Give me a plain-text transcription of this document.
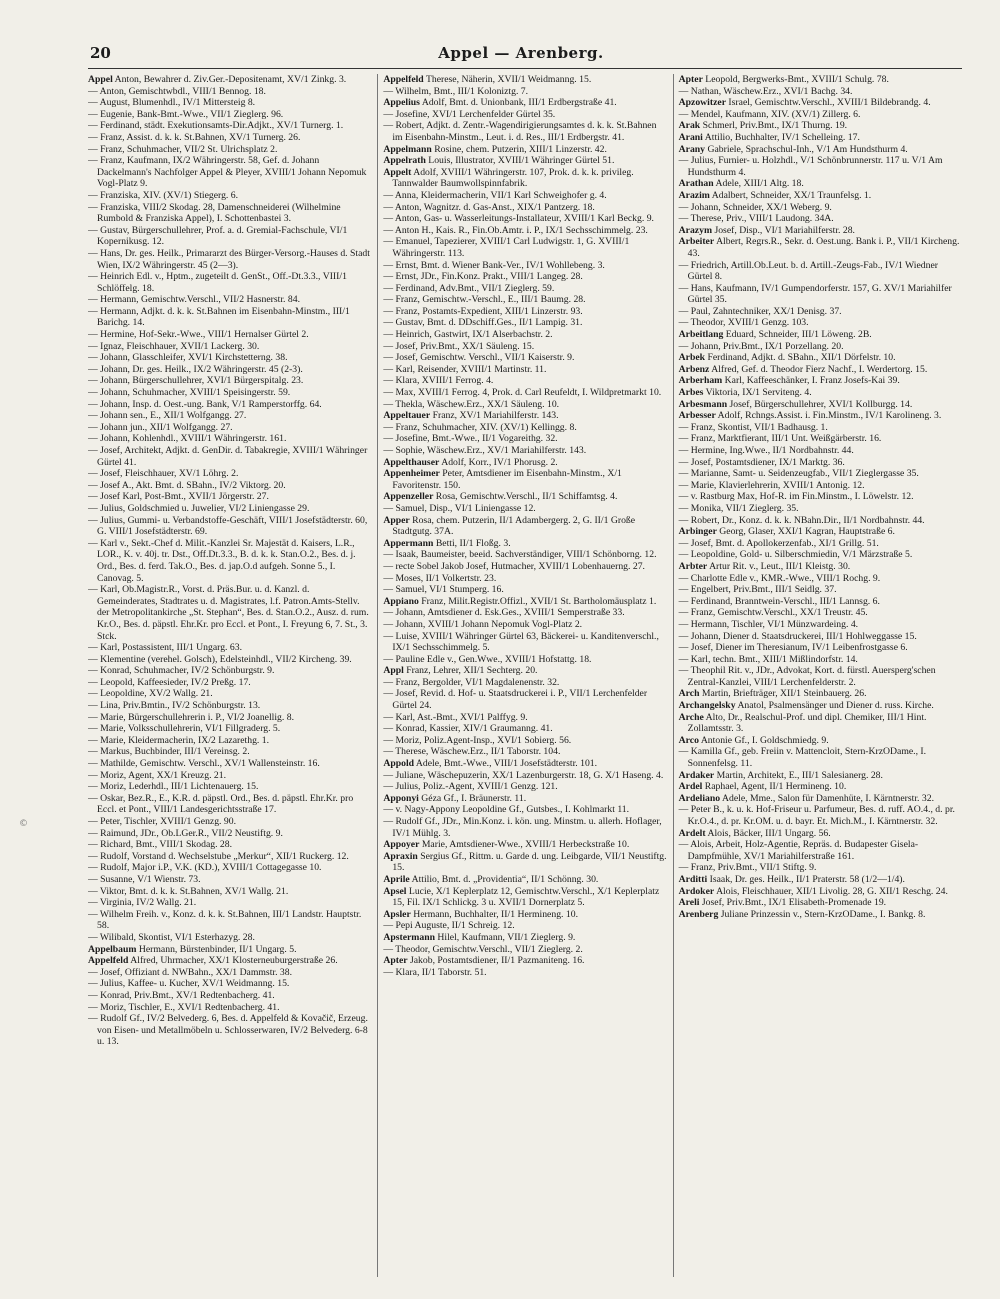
20	Appel — Arenberg.
Appel Anton, Bewahrer d. Ziv.Ger.-Depositenamt, XV/1 Zinkg. 3.
— Anton, Gemischtwbdl., VIII/1 Bennog. 18.
— August, Blumenhdl., IV/1 Mittersteig 8.
— Eugenie, Bank-Bmt.-Wwe., VII/1 Zieglerg. 96.
— Ferdinand, städt. Exekutionsamts-Dir.Adjkt., XV/1 Turnerg. 1.
— Franz, Assist. d. k. k. St.Bahnen, XV/1 Turnerg. 26.
— Franz, Schuhmacher, VII/2 St. Ulrichsplatz 2.
— Franz, Kaufmann, IX/2 Währingerstr. 58, Gef. d. Johann Dackelmann's Nachfolger Appel & Pleyer, XVIII/1 Johann Nepomuk Vogl-Platz 9.
— Franziska, XIV. (XV/1) Stiegerg. 6.
— Franziska, VIII/2 Skodag. 28, Damenschneiderei (Wilhelmine Rumbold & Franziska Appel), I. Schottenbastei 3.
— Gustav, Bürgerschullehrer, Prof. a. d. Gremial-Fachschule, VI/1 Kopernikusg. 12.
— Hans, Dr. ges. Heilk., Primararzt des Bürger-Versorg.-Hauses d. Stadt Wien, IX/2 Währingerstr. 45 (2—3).
— Heinrich Edl. v., Hptm., zugeteilt d. GenSt., Off.-Dt.3.3., VIII/1 Schlöffelg. 18.
— Hermann, Gemischtw.Verschl., VII/2 Hasnerstr. 84.
— Hermann, Adjkt. d. k. k. St.Bahnen im Eisenbahn-Minstm., III/1 Barichg. 14.
— Hermine, Hof-Sekr.-Wwe., VIII/1 Hernalser Gürtel 2.
— Ignaz, Fleischhauer, XVII/1 Lackerg. 30.
— Johann, Glasschleifer, XVI/1 Kirchstetterng. 38.
— Johann, Dr. ges. Heilk., IX/2 Währingerstr. 45 (2-3).
— Johann, Bürgerschullehrer, XVI/1 Bürgerspitalg. 23.
— Johann, Schuhmacher, XVIII/1 Speisingerstr. 59.
— Johann, Insp. d. Oest.-ung. Bank, V/1 Ramperstorffg. 64.
— Johann sen., E., XII/1 Wolfgangg. 27.
— Johann jun., XII/1 Wolfgangg. 27.
— Johann, Kohlenhdl., XVIII/1 Währingerstr. 161.
— Josef, Architekt, Adjkt. d. GenDir. d. Tabakregie, XVIII/1 Währinger Gürtel 41.
— Josef, Fleischhauer, XV/1 Löhrg. 2.
— Josef A., Akt. Bmt. d. SBahn., IV/2 Viktorg. 20.
— Josef Karl, Post-Bmt., XVII/1 Jörgerstr. 27.
— Julius, Goldschmied u. Juwelier, VI/2 Liniengasse 29.
— Julius, Gummi- u. Verbandstoffe-Geschäft, VIII/1 Josefstädterstr. 60, G. VIII/1 Josefstädterstr. 69.
— Karl v., Sekt.-Chef d. Milit.-Kanzlei Sr. Majestät d. Kaisers, L.R., LOR., K. v. 40j. tr. Dst., Off.Dt.3.3., B. d. k. k. Stan.O.2., Bes. d. j. Ord., Bes. d. ferd. Tak.O., Bes. d. jap.O.d aufgeh. Sonne 5., I. Canovag. 5.
— Karl, Ob.Magistr.R., Vorst. d. Präs.Bur. u. d. Kanzl. d. Gemeinderates, Stadtrates u. d. Magistrates, l.f. Patron.Amts-Stellv. der Metropolitankirche „St. Stephan“, Bes. d. Stan.O.2., Ausz. d. rum. Kr.O., Bes. d. päpstl. Ehr.Kr. pro Eccl. et Pont., I. Freyung 6, 7. St., 3. Stck.
— Karl, Postassistent, III/1 Ungarg. 63.
— Klementine (verehel. Golsch), Edelsteinhdl., VII/2 Kircheng. 39.
— Konrad, Schuhmacher, IV/2 Schönburgstr. 9.
— Leopold, Kaffeesieder, IV/2 Preßg. 17.
— Leopoldine, XV/2 Wallg. 21.
— Lina, Priv.Bmtin., IV/2 Schönburgstr. 13.
— Marie, Bürgerschullehrerin i. P., VI/2 Joanellig. 8.
— Marie, Volksschullehrerin, VI/1 Fillgraderg. 5.
— Marie, Kleidermacherin, IX/2 Lazarethg. 1.
— Markus, Buchbinder, III/1 Vereinsg. 2.
— Mathilde, Gemischtw. Verschl., XV/1 Wallensteinstr. 16.
— Moriz, Agent, XX/1 Kreuzg. 21.
— Moriz, Lederhdl., III/1 Lichtenauerg. 15.
— Oskar, Bez.R., E., K.R. d. päpstl. Ord., Bes. d. päpstl. Ehr.Kr. pro Eccl. et Pont., VIII/1 Landesgerichtsstraße 17.
— Peter, Tischler, XVIII/1 Genzg. 90.
— Raimund, JDr., Ob.LGer.R., VII/2 Neustiftg. 9.
— Richard, Bmt., VIII/1 Skodag. 28.
— Rudolf, Vorstand d. Wechselstube „Merkur“, XII/1 Ruckerg. 12.
— Rudolf, Major i.P., V.K. (KD.), XVIII/1 Cottagegasse 10.
— Susanne, V/1 Wienstr. 73.
— Viktor, Bmt. d. k. k. St.Bahnen, XV/1 Wallg. 21.
— Virginia, IV/2 Wallg. 21.
— Wilhelm Freih. v., Konz. d. k. k. St.Bahnen, III/1 Landstr. Hauptstr. 58.
— Wilibald, Skontist, VI/1 Esterhazyg. 28.
Appelbaum Hermann, Bürstenbinder, II/1 Ungarg. 5.
Appelfeld Alfred, Uhrmacher, XX/1 Klosterneuburgerstraße 26.
— Josef, Offiziant d. NWBahn., XX/1 Dammstr. 38.
— Julius, Kaffee- u. Kucher, XV/1 Weidmanng. 15.
— Konrad, Priv.Bmt., XV/1 Redtenbacherg. 41.
— Moriz, Tischler, E., XVI/1 Redtenbacherg. 41.
— Rudolf Gf., IV/2 Belvederg. 6, Bes. d. Appelfeld & Kovačič, Erzeug. von Eisen- und Metallmöbeln u. Schlosserwaren, IV/2 Belvederg. 6-8 u. 13.
Appelfeld Therese, Näherin, XVII/1 Weidmanng. 15.
— Wilhelm, Bmt., III/1 Koloniztg. 7.
Appelius Adolf, Bmt. d. Unionbank, III/1 Erdbergstraße 41.
— Josefine, XVI/1 Lerchenfelder Gürtel 35.
— Robert, Adjkt. d. Zentr.-Wagendirigierungsamtes d. k. k. St.Bahnen im Eisenbahn-Minstm., Leut. i. d. Res., III/1 Erdbergstr. 41.
Appelmann Rosine, chem. Putzerin, XIII/1 Linzerstr. 42.
Appelrath Louis, Illustrator, XVIII/1 Währinger Gürtel 51.
Appelt Adolf, XVIII/1 Währingerstr. 107, Prok. d. k. k. privileg. Tannwalder Baumwollspinnfabrik.
— Anna, Kleidermacherin, VII/1 Karl Schweighofer g. 4.
— Anton, Wagnitzr. d. Gas-Anst., XIX/1 Pantzerg. 18.
— Anton, Gas- u. Wasserleitungs-Installateur, XVIII/1 Karl Beckg. 9.
— Anton H., Kais. R., Fin.Ob.Amtr. i. P., IX/1 Sechsschimmelg. 23.
— Emanuel, Tapezierer, XVIII/1 Carl Ludwigstr. 1, G. XVIII/1 Währingerstr. 113.
— Ernst, Bmt. d. Wiener Bank-Ver., IV/1 Wohllebeng. 3.
— Ernst, JDr., Fin.Konz. Prakt., VIII/1 Langeg. 28.
— Ferdinand, Adv.Bmt., VII/1 Zieglerg. 59.
— Franz, Gemischtw.-Verschl., E., III/1 Baumg. 28.
— Franz, Postamts-Expedient, XIII/1 Linzerstr. 93.
— Gustav, Bmt. d. DDschiff.Ges., II/1 Lampig. 31.
— Heinrich, Gastwirt, IX/1 Alserbachstr. 2.
— Josef, Priv.Bmt., XX/1 Säuleng. 15.
— Josef, Gemischtw. Verschl., VII/1 Kaiserstr. 9.
— Karl, Reisender, XVIII/1 Martinstr. 11.
— Klara, XVIII/1 Ferrog. 4.
— Max, XVIII/1 Ferrog. 4, Prok. d. Carl Reufeldt, I. Wildpretmarkt 10.
— Thekla, Wäschew.Erz., XX/1 Säuleng. 10.
Appeltauer Franz, XV/1 Mariahilferstr. 143.
— Franz, Schuhmacher, XIV. (XV/1) Kellingg. 8.
— Josefine, Bmt.-Wwe., II/1 Vogareithg. 32.
— Sophie, Wäschew.Erz., XV/1 Mariahilferstr. 143.
Appelthauser Adolf, Korr., IV/1 Phorusg. 2.
Appenheimer Peter, Amtsdiener im Eisenbahn-Minstm., X/1 Favoritenstr. 150.
Appenzeller Rosa, Gemischtw.Verschl., II/1 Schiffamtsg. 4.
— Samuel, Disp., VI/1 Liniengasse 12.
Apper Rosa, chem. Putzerin, II/1 Adambergerg. 2, G. II/1 Große Stadtgutg. 37A.
Appermann Betti, II/1 Floßg. 3.
— Isaak, Baumeister, beeid. Sachverständiger, VIII/1 Schönborng. 12.
— recte Sobel Jakob Josef, Hutmacher, XVIII/1 Lobenhauerng. 27.
— Moses, II/1 Volkertstr. 23.
— Samuel, VI/1 Stumperg. 16.
Appiano Franz, Milit.Registr.Offizl., XVII/1 St. Bartholomäusplatz 1.
— Johann, Amtsdiener d. Esk.Ges., XVIII/1 Semperstraße 33.
— Johann, XVIII/1 Johann Nepomuk Vogl-Platz 2.
— Luise, XVIII/1 Währinger Gürtel 63, Bäckerei- u. Kanditenverschl., IX/1 Sechsschimmelg. 5.
— Pauline Edle v., Gen.Wwe., XVIII/1 Hofstattg. 18.
Appl Franz, Lehrer, XII/1 Sechterg. 20.
— Franz, Bergolder, VI/1 Magdalenenstr. 32.
— Josef, Revid. d. Hof- u. Staatsdruckerei i. P., VII/1 Lerchenfelder Gürtel 24.
— Karl, Ast.-Bmt., XVI/1 Palffyg. 9.
— Konrad, Kassier, XIV/1 Graumanng. 41.
— Moriz, Poliz.Agent-Insp., XVI/1 Sobierg. 56.
— Therese, Wäschew.Erz., II/1 Taborstr. 104.
Appold Adele, Bmt.-Wwe., VIII/1 Josefstädterstr. 101.
— Juliane, Wäschepuzerin, XX/1 Lazenburgerstr. 18, G. X/1 Haseng. 4.
— Julius, Poliz.-Agent, XVIII/1 Genzg. 121.
Apponyi Géza Gf., I. Bräunerstr. 11.
— v. Nagy-Appony Leopoldine Gf., Gutsbes., I. Kohlmarkt 11.
— Rudolf Gf., JDr., Min.Konz. i. kön. ung. Minstm. u. allerh. Hoflager, IV/1 Mühlg. 3.
Appoyer Marie, Amtsdiener-Wwe., XVIII/1 Herbeckstraße 10.
Apraxin Sergius Gf., Rittm. u. Garde d. ung. Leibgarde, VII/1 Neustiftg. 15.
Aprile Attilio, Bmt. d. „Providentia“, II/1 Schönng. 30.
Apsel Lucie, X/1 Keplerplatz 12, Gemischtw.Verschl., X/1 Keplerplatz 15, Fil. IX/1 Schlickg. 3 u. XVII/1 Dornerplatz 5.
Apsler Hermann, Buchhalter, II/1 Hermineng. 10.
— Pepi Auguste, II/1 Schreig. 12.
Apstermann Hilel, Kaufmann, VII/1 Zieglerg. 9.
— Theodor, Gemischtw.Verschl., VII/1 Zieglerg. 2.
Apter Jakob, Postamtsdiener, II/1 Pazmaniteng. 16.
— Klara, II/1 Taborstr. 51.
Apter Leopold, Bergwerks-Bmt., XVIII/1 Schulg. 78.
— Nathan, Wäschew.Erz., XVI/1 Bachg. 34.
Apzowitzer Israel, Gemischtw.Verschl., XVIII/1 Bildebrandg. 4.
— Mendel, Kaufmann, XIV. (XV/1) Zillerg. 6.
Arak Schmerl, Priv.Bmt., IX/1 Thurng. 19.
Arani Attilio, Buchhalter, IV/1 Schelleing. 17.
Arany Gabriele, Sprachschul-Inh., V/1 Am Hundsthurm 4.
— Julius, Furnier- u. Holzhdl., V/1 Schönbrunnerstr. 117 u. V/1 Am Hundsthurm 4.
Arathan Adele, XIII/1 Altg. 18.
Arazim Adalbert, Schneider, XX/1 Traunfelsg. 1.
— Johann, Schneider, XX/1 Weberg. 9.
— Therese, Priv., VIII/1 Laudong. 34A.
Arazym Josef, Disp., VI/1 Mariahilferstr. 28.
Arbeiter Albert, Regrs.R., Sekr. d. Oest.ung. Bank i. P., VII/1 Kircheng. 43.
— Friedrich, Artill.Ob.Leut. b. d. Artill.-Zeugs-Fab., IV/1 Wiedner Gürtel 8.
— Hans, Kaufmann, IV/1 Gumpendorferstr. 157, G. XV/1 Mariahilfer Gürtel 35.
— Paul, Zahntechniker, XX/1 Denisg. 37.
— Theodor, XVIII/1 Genzg. 103.
Arbeitlang Eduard, Schneider, III/1 Löweng. 2B.
— Johann, Priv.Bmt., IX/1 Porzellang. 20.
Arbek Ferdinand, Adjkt. d. SBahn., XII/1 Dörfelstr. 10.
Arbenz Alfred, Gef. d. Theodor Fierz Nachf., I. Werdertorg. 15.
Arberham Karl, Kaffeeschänker, I. Franz Josefs-Kai 39.
Arbes Viktoria, IX/1 Serviteng. 4.
Arbesmann Josef, Bürgerschullehrer, XVI/1 Kollburgg. 14.
Arbesser Adolf, Rchngs.Assist. i. Fin.Minstm., IV/1 Karolineng. 3.
— Franz, Skontist, VII/1 Badhausg. 1.
— Franz, Marktfierant, III/1 Unt. Weißgärberstr. 16.
— Hermine, Ing.Wwe., II/1 Nordbahnstr. 44.
— Josef, Postamtsdiener, IX/1 Marktg. 36.
— Marianne, Samt- u. Seidenzeugfab., VII/1 Zieglergasse 35.
— Marie, Klavierlehrerin, XVIII/1 Antonig. 12.
— v. Rastburg Max, Hof-R. im Fin.Minstm., I. Löwelstr. 12.
— Monika, VII/1 Zieglerg. 35.
— Robert, Dr., Konz. d. k. k. NBahn.Dir., II/1 Nordbahnstr. 44.
Arbinger Georg, Glaser, XXI/1 Kagran, Hauptstraße 6.
— Josef, Bmt. d. Apollokerzenfab., XI/1 Grillg. 51.
— Leopoldine, Gold- u. Silberschmiedin, V/1 Märzstraße 5.
Arbter Artur Rit. v., Leut., III/1 Kleistg. 30.
— Charlotte Edle v., KMR.-Wwe., VIII/1 Rochg. 9.
— Engelbert, Priv.Bmt., III/1 Seidlg. 37.
— Ferdinand, Branntwein-Verschl., III/1 Lannsg. 6.
— Franz, Gemischtw.Verschl., XX/1 Treustr. 45.
— Hermann, Tischler, VI/1 Münzwardeing. 4.
— Johann, Diener d. Staatsdruckerei, III/1 Hohlweggasse 15.
— Josef, Diener im Theresianum, IV/1 Leibenfrostgasse 6.
— Karl, techn. Bmt., XIII/1 Mißlindorfstr. 14.
— Theophil Rit. v., JDr., Advokat, Kort. d. fürstl. Auersperg'schen Zentral-Kanzlei, VIII/1 Lerchenfelderstr. 2.
Arch Martin, Briefträger, XII/1 Steinbauerg. 26.
Archangelsky Anatol, Psalmensänger und Diener d. russ. Kirche.
Arche Alto, Dr., Realschul-Prof. und dipl. Chemiker, III/1 Hint. Zollamtsstr. 3.
Arco Antonie Gf., I. Goldschmiedg. 9.
— Kamilla Gf., geb. Freiin v. Mattencloit, Stern-KrzODame., I. Sonnenfelsg. 11.
Ardaker Martin, Architekt, E., III/1 Salesianerg. 28.
Ardel Raphael, Agent, II/1 Hermineng. 10.
Ardeliano Adele, Mme., Salon für Damenhüte, I. Kärntnerstr. 32.
— Peter B., k. u. k. Hof-Friseur u. Parfumeur, Bes. d. ruff. AO.4., d. pr. Kr.O.4., d. pr. Kr.OM. u. d. bayr. Et. Mich.M., I. Kärntnerstr. 32.
Ardelt Alois, Bäcker, III/1 Ungarg. 56.
— Alois, Arbeit, Holz-Agentie, Repräs. d. Budapester Gisela-Dampfmühle, XV/1 Mariahilferstraße 161.
— Franz, Priv.Bmt., VII/1 Stiftg. 9.
Arditti Isaak, Dr. ges. Heilk., II/1 Praterstr. 58 (1/2—1/4).
Ardoker Alois, Fleischhauer, XII/1 Livolig. 28, G. XII/1 Reschg. 24.
Areli Josef, Priv.Bmt., IX/1 Elisabeth-Promenade 19.
Arenberg Juliane Prinzessin v., Stern-KrzODame., I. Bankg. 8.
©
